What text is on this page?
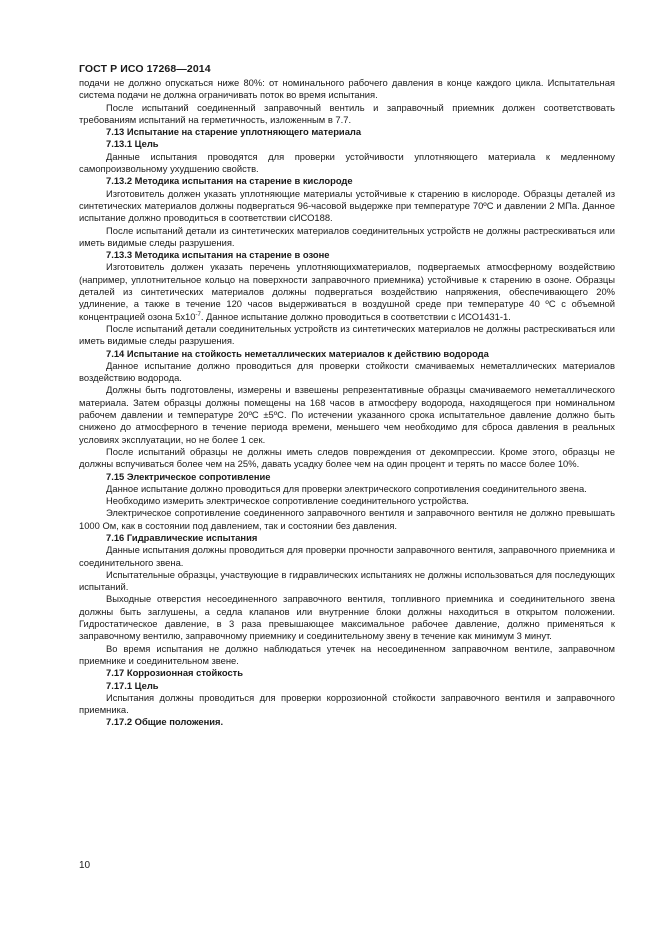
ГОСТ Р ИСО 17268—2014

подачи не должно опускаться ниже 80%: от номинального рабочего давления в конце каждого цикла. Испытательная система подачи не должна ограничивать поток во время испытания.

После испытаний соединенный заправочный вентиль и заправочный приемник должен соответствовать требованиям испытаний на герметичность, изложенным в 7.7.

7.13 Испытание на старение уплотняющего материала

7.13.1 Цель

Данные испытания проводятся для проверки устойчивости уплотняющего материала к медленному самопроизвольному ухудшению свойств.

7.13.2 Методика испытания на старение в кислороде

Изготовитель должен указать уплотняющие материалы устойчивые к старению в кислороде. Образцы деталей из синтетических материалов должны подвергаться 96-часовой выдержке при температуре 70ºС и давлении 2 МПа. Данное испытание должно проводиться в соответствии сИСО188.

После испытаний детали из синтетических материалов соединительных устройств не должны растрескиваться или иметь видимые следы разрушения.

7.13.3 Методика испытания на старение в озоне

Изготовитель должен указать перечень уплотняющихматериалов, подвергаемых атмосферному воздействию (например, уплотнительное кольцо на поверхности заправочного приемника) устойчивые к старению в озоне. Образцы деталей из синтетических материалов должны подвергаться воздействию напряжения, обеспечивающего 20% удлинение, а также в течение 120 часов выдерживаться в воздушной среде при температуре 40 ºС с объемной концентрацией озона $5х10^{-7}$. Данное испытание должно проводиться в соответствии с ИСО1431-1.

После испытаний детали соединительных устройств из синтетических материалов не должны растрескиваться или иметь видимые следы разрушения.

7.14 Испытание на стойкость неметаллических материалов к действию водорода

Данное испытание должно проводиться для проверки стойкости смачиваемых неметаллических материалов воздействию водорода.

Должны быть подготовлены, измерены и взвешены репрезентативные образцы смачиваемого неметаллического материала. Затем образцы должны помещены на 168 часов в атмосферу водорода, находящегося при номинальном рабочем давлении и температуре 20ºС ±5ºС. По истечении указанного срока испытательное давление должно быть снижено до атмосферного в течение периода времени, меньшего чем необходимо для сброса давления в реальных условиях эксплуатации, но не более 1 сек.

После испытаний образцы не должны иметь следов повреждения от декомпрессии. Кроме этого, образцы не должны вспучиваться более чем на 25%, давать усадку более чем на один процент и терять по массе более 10%.

7.15 Электрическое сопротивление

Данное испытание должно проводиться для проверки электрического сопротивления соединительного звена.

Необходимо измерить электрическое сопротивление соединительного устройства.

Электрическое сопротивление соединенного заправочного вентиля и заправочного вентиля не должно превышать 1000 Ом, как в состоянии под давлением, так и состоянии без давления.

7.16 Гидравлические испытания

Данные испытания должны проводиться для проверки прочности заправочного вентиля, заправочного приемника и соединительного звена.

Испытательные образцы, участвующие в гидравлических испытаниях не должны использоваться для последующих испытаний.

Выходные отверстия несоединенного заправочного вентиля, топливного приемника и соединительного звена должны быть заглушены, а седла клапанов или внутренние блоки должны находиться в открытом положении. Гидростатическое давление, в 3 раза превышающее максимальное рабочее давление, должно применяться к заправочному вентилю, заправочному приемнику и соединительному звену в течение как минимум 3 минут.

Во время испытания не должно наблюдаться утечек на несоединенном заправочном вентиле, заправочном приемнике и соединительном звене.

7.17 Коррозионная стойкость

7.17.1 Цель

Испытания должны проводиться для проверки коррозионной стойкости заправочного вентиля и заправочного приемника.

7.17.2 Общие положения.

10
